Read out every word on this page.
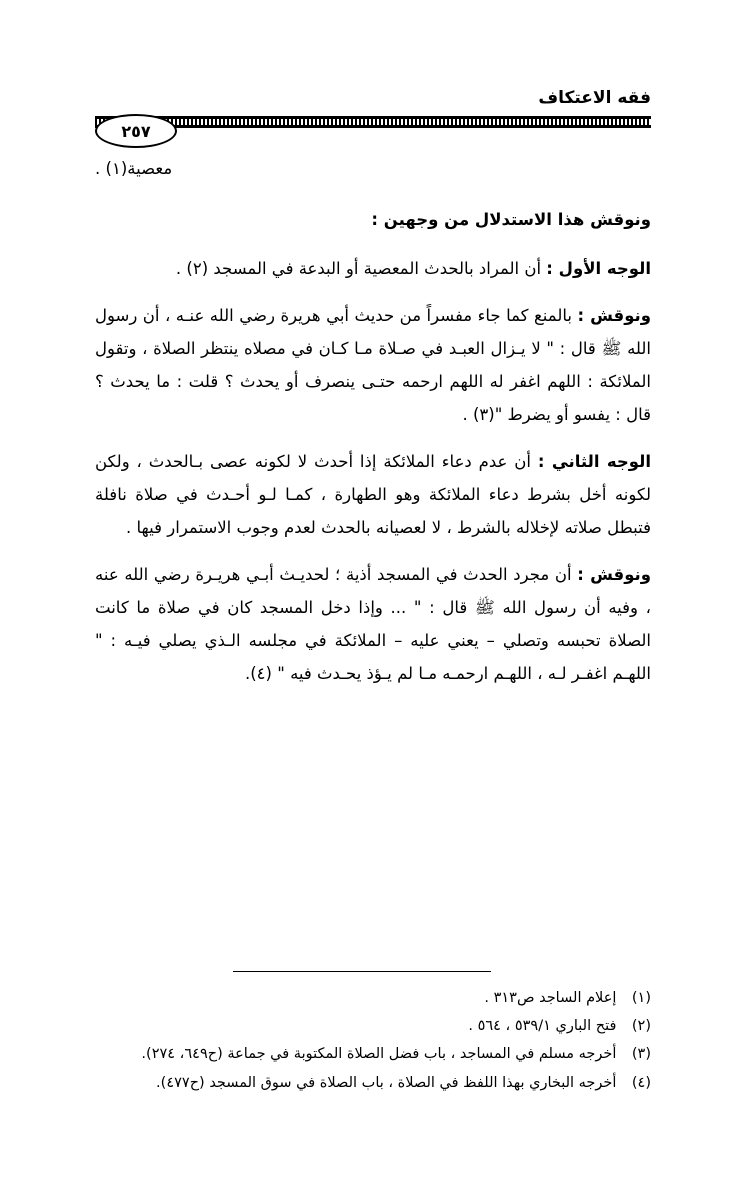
فقه الاعتكاف
٢٥٧

معصية(١) .

ونوقش هذا الاستدلال من وجهين :

الوجه الأول : أن المراد بالحدث المعصية أو البدعة في المسجد (٢) .

ونوقش : بالمنع كما جاء مفسراً من حديث أبي هريرة رضي الله عنـه ، أن رسول الله ﷺ قال : " لا يـزال العبـد في صـلاة مـا كـان في مصلاه ينتظر الصلاة ، وتقول الملائكة : اللهم اغفر له اللهم ارحمه حتـى ينصرف أو يحدث ؟ قلت : ما يحدث ؟ قال : يفسو أو يضرط "(٣) .

الوجه الثاني : أن عدم دعاء الملائكة إذا أحدث لا لكونه عصى بـالحدث ، ولكن لكونه أخل بشرط دعاء الملائكة وهو الطهارة ، كمـا لـو أحـدث في صلاة نافلة فتبطل صلاته لإخلاله بالشرط ، لا لعصيانه بالحدث لعدم وجوب الاستمرار فيها .

ونوقش : أن مجرد الحدث في المسجد أذية ؛ لحديـث أبـي هريـرة رضي الله عنه ، وفيه أن رسول الله ﷺ قال : " ... وإذا دخل المسجد كان في صلاة ما كانت الصلاة تحبسه وتصلي – يعني عليه – الملائكة في مجلسه الـذي يصلي فيـه : " اللهـم اغفـر لـه ، اللهـم ارحمـه مـا لم يـؤذ يحـدث فيه " (٤).

(١) إعلام الساجد ص٣١٣ .
(٢) فتح الباري ٥٣٩/١ ، ٥٦٤ .
(٣) أخرجه مسلم في المساجد ، باب فضل الصلاة المكتوبة في جماعة (ح٦٤٩، ٢٧٤).
(٤) أخرجه البخاري بهذا اللفظ في الصلاة ، باب الصلاة في سوق المسجد (ح٤٧٧).
